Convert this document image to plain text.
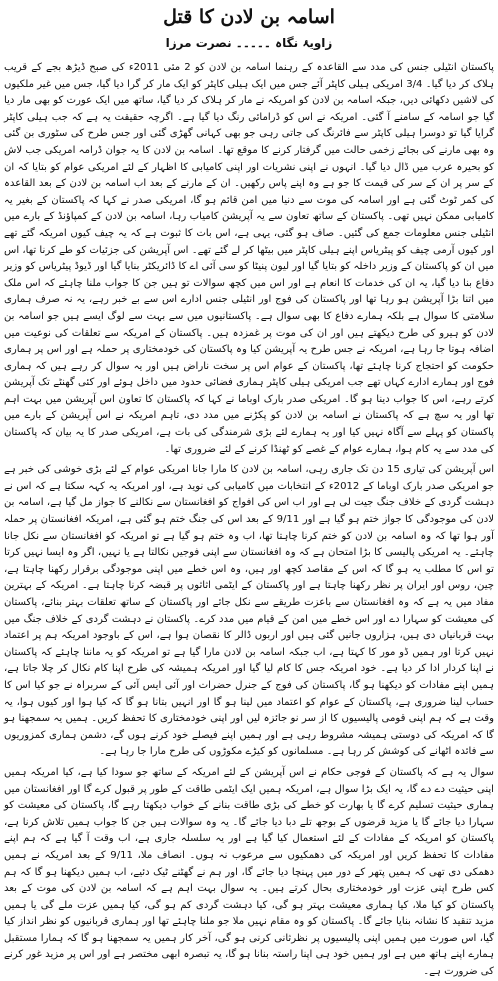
اسامہ بن لادن کا قتل
زاویۂ نگاہ ۔۔۔۔۔ نصرت مرزا

پاکستان انٹیلی جنس کی مدد سے القاعدہ کے رہنما اسامہ بن لادن کو 2 مئی 2011ء کی صبح ڈیڑھ بجے کے قریب ہلاک کر دیا گیا۔ 3/4 امریکی ہیلی کاپٹر آئے جس میں ایک ہیلی کاپٹر کو ایک مار کر گرا دیا گیا، جس میں غیر ملکیوں کی لاشیں دکھائی دیں، جبکہ اسامہ بن لادن کو امریکہ نے مار کر ہلاک کر دیا گیا، ساتھ میں ایک عورت کو بھی مار دیا گیا جو اسامہ کے سامنے آ گئی۔ امریکہ نے اس کو ڈرامائی رنگ دیا گیا ہے۔ اگرچہ حقیقت یہ ہے کہ جب ہیلی کاپٹر گرایا گیا تو دوسرا ہیلی کاپٹر سے فائرنگ کی جاتی رہی جو بھی کہانی گھڑی گئی اور جس طرح کی سٹوری بن گئی وہ بھی مارنے کی بجائے زخمی حالت میں گرفتار کرنے کا موقع تھا۔ اسامہ بن لادن کا یہ جوان ڈرامہ امریکی جب لاش کو بحیرہ عرب میں ڈال دیا گیا۔ انہوں نے اپنی نشریات اور اپنی کامیابی کا اظہار کے لئے امریکی عوام کو بتایا کہ ان کے سر پر ان کے سر کی قیمت کا جو ہے وہ اپنے پاس رکھیں۔ ان کے مارنے کے بعد اب اسامہ بن لادن کے بعد القاعدہ کی کمر ٹوٹ گئی ہے اور اسامہ کی موت سے دنیا میں امن قائم ہو گا، امریکی صدر نے کہا کہ پاکستان کے بغیر یہ کامیابی ممکن نہیں تھی۔ پاکستان کے ساتھ تعاون سے یہ آپریشن کامیاب رہا، اسامہ بن لادن کے کمپاؤنڈ کے بارے میں انٹیلی جنس معلومات جمع کی گئیں۔ صاف ہو گئی، یہی ہے، اس بات کا ثبوت ہے کہ یہ چیف کیوں امریکہ گئے تھے اور کیوں آرمی چیف کو پیٹریاس اپنے ہیلی کاپٹر میں بیٹھا کر لے گئے تھے۔ اس آپریشن کی جزئیات کو طے کرنا تھا، اس میں ان کو پاکستان کے وزیر داخلہ کو بتایا گیا اور لیون پنیٹا کو سی آئی اے کا ڈائریکٹر بنایا گیا اور ڈیوڈ پیٹریاس کو وزیر دفاع بنا دیا گیا، یہ ان کی خدمات کا انعام ہے اور اس میں کچھ سوالات تو ہیں جن کا جواب ملنا چاہئے کہ اس ملک میں اتنا بڑا آپریشن ہو رہا تھا اور پاکستان کی فوج اور انٹیلی جنس ادارے اس سے بے خبر رہے، یہ نہ صرف ہماری سلامتی کا سوال ہے بلکہ ہمارے دفاع کا بھی سوال ہے۔ پاکستانیوں میں سے بہت سے لوگ ایسے ہیں جو اسامہ بن لادن کو ہیرو کی طرح دیکھتے ہیں اور ان کی موت پر غمزدہ ہیں۔ پاکستان کے امریکہ سے تعلقات کی نوعیت میں اضافہ ہوتا جا رہا ہے، امریکہ نے جس طرح یہ آپریشن کیا وہ پاکستان کی خودمختاری پر حملہ ہے اور اس پر ہماری حکومت کو احتجاج کرنا چاہئے تھا، پاکستان کے عوام اس پر سخت ناراض ہیں اور یہ سوال کر رہے ہیں کہ ہماری فوج اور ہمارے ادارے کہاں تھے جب امریکی ہیلی کاپٹر ہماری فضائی حدود میں داخل ہوئے اور کئی گھنٹے تک آپریشن کرتے رہے، اس کا جواب دینا ہو گا۔ امریکی صدر بارک اوباما نے کہا کہ پاکستان کا تعاون اس آپریشن میں بہت اہم تھا اور یہ سچ ہے کہ پاکستان نے اسامہ بن لادن کو پکڑنے میں مدد دی، تاہم امریکہ نے اس آپریشن کے بارے میں پاکستان کو پہلے سے آگاہ نہیں کیا اور یہ ہمارے لئے بڑی شرمندگی کی بات ہے، امریکی صدر کا یہ بیان کہ پاکستان کی مدد سے یہ کام ہوا، ہمارے عوام کے غصے کو ٹھنڈا کرنے کے لئے ضروری تھا۔

اس آپریشن کی تیاری 15 دن تک جاری رہی، اسامہ بن لادن کا مارا جانا امریکی عوام کے لئے بڑی خوشی کی خبر ہے جو امریکی صدر بارک اوباما کے 2012ء کے انتخابات میں کامیابی کی نوید ہے، اور امریکہ یہ کہہ سکتا ہے کہ اس نے دہشت گردی کے خلاف جنگ جیت لی ہے اور اب اس کی افواج کو افغانستان سے نکالنے کا جواز مل گیا ہے، اسامہ بن لادن کی موجودگی کا جواز ختم ہو گیا ہے اور 9/11 کے بعد اس کی جنگ ختم ہو گئی ہے، امریکہ افغانستان پر حملہ آور ہوا تھا کہ وہ اسامہ بن لادن کو ختم کرنا چاہتا تھا، اب وہ ختم ہو گیا ہے تو امریکہ کو افغانستان سے نکل جانا چاہئے۔ یہ امریکی پالیسی کا بڑا امتحان ہے کہ وہ افغانستان سے اپنی فوجیں نکالتا ہے یا نہیں، اگر وہ ایسا نہیں کرتا تو اس کا مطلب یہ ہو گا کہ اس کے مقاصد کچھ اور ہیں، وہ اس خطے میں اپنی موجودگی برقرار رکھنا چاہتا ہے، چین، روس اور ایران پر نظر رکھنا چاہتا ہے اور پاکستان کے ایٹمی اثاثوں پر قبضہ کرنا چاہتا ہے۔ امریکہ کے بہترین مفاد میں یہ ہے کہ وہ افغانستان سے باعزت طریقے سے نکل جائے اور پاکستان کے ساتھ تعلقات بہتر بنائے، پاکستان کی معیشت کو سہارا دے اور اس خطے میں امن کے قیام میں مدد کرے۔ پاکستان نے دہشت گردی کے خلاف جنگ میں بہت قربانیاں دی ہیں، ہزاروں جانیں گئی ہیں اور اربوں ڈالر کا نقصان ہوا ہے، اس کے باوجود امریکہ ہم پر اعتماد نہیں کرتا اور ہمیں ڈو مور کا کہتا ہے، اب جبکہ اسامہ بن لادن مارا گیا ہے تو امریکہ کو یہ ماننا چاہئے کہ پاکستان نے اپنا کردار ادا کر دیا ہے۔ خود امریکہ جس کا کام لیا گیا اور امریکہ ہمیشہ کی طرح اپنا کام نکال کر چلا جاتا ہے، ہمیں اپنے مفادات کو دیکھنا ہو گا، پاکستان کی فوج کے جنرل حضرات اور آئی ایس آئی کے سربراہ نے جو کیا اس کا حساب لینا ضروری ہے، پاکستان کے عوام کو اعتماد میں لینا ہو گا اور انہیں بتانا ہو گا کہ کیا ہوا اور کیوں ہوا، یہ وقت ہے کہ ہم اپنی قومی پالیسیوں کا از سر نو جائزہ لیں اور اپنی خودمختاری کا تحفظ کریں۔ ہمیں یہ سمجھنا ہو گا کہ امریکہ کی دوستی ہمیشہ مشروط رہی ہے اور ہمیں اپنے فیصلے خود کرنے ہوں گے، دشمن ہماری کمزوریوں سے فائدہ اٹھانے کی کوشش کر رہا ہے۔ مسلمانوں کو کیڑے مکوڑوں کی طرح مارا جا رہا ہے۔

سوال یہ ہے کہ پاکستان کے فوجی حکام نے اس آپریشن کے لئے امریکہ کے ساتھ جو سودا کیا ہے، کیا امریکہ ہمیں اپنی حیثیت دے دے گا، یہ ایک بڑا سوال ہے، امریکہ ہمیں ایک ایٹمی طاقت کے طور پر قبول کرے گا اور افغانستان میں ہماری حیثیت تسلیم کرے گا یا بھارت کو خطے کی بڑی طاقت بنانے کے خواب دیکھتا رہے گا، پاکستان کی معیشت کو سہارا دیا جائے گا یا مزید قرضوں کے بوجھ تلے دبا دیا جائے گا۔ یہ وہ سوالات ہیں جن کا جواب ہمیں تلاش کرنا ہے، پاکستان کو امریکہ کے مفادات کے لئے استعمال کیا گیا ہے اور یہ سلسلہ جاری ہے، اب وقت آ گیا ہے کہ ہم اپنے مفادات کا تحفظ کریں اور امریکہ کی دھمکیوں سے مرعوب نہ ہوں۔ انصاف ملا، 9/11 کے بعد امریکہ نے ہمیں دھمکی دی تھی کہ ہمیں پتھر کے دور میں پہنچا دیا جائے گا، اور ہم نے گھٹنے ٹیک دئیے، اب ہمیں دیکھنا ہو گا کہ ہم کس طرح اپنی عزت اور خودمختاری بحال کرتے ہیں۔ یہ سوال بہت اہم ہے کہ اسامہ بن لادن کی موت کے بعد پاکستان کو کیا ملا، کیا ہماری معیشت بہتر ہو گی، کیا دہشت گردی کم ہو گی، کیا ہمیں عزت ملے گی یا ہمیں مزید تنقید کا نشانہ بنایا جائے گا۔ پاکستان کو وہ مقام نہیں ملا جو ملنا چاہئے تھا اور ہماری قربانیوں کو نظر انداز کیا گیا، اس صورت میں ہمیں اپنی پالیسیوں پر نظرثانی کرنی ہو گی، آخر کار ہمیں یہ سمجھنا ہو گا کہ ہمارا مستقبل ہمارے اپنے ہاتھ میں ہے اور ہمیں خود ہی اپنا راستہ بنانا ہو گا، یہ تبصرہ ابھی مختصر ہے اور اس پر مزید غور کرنے کی ضرورت ہے۔
